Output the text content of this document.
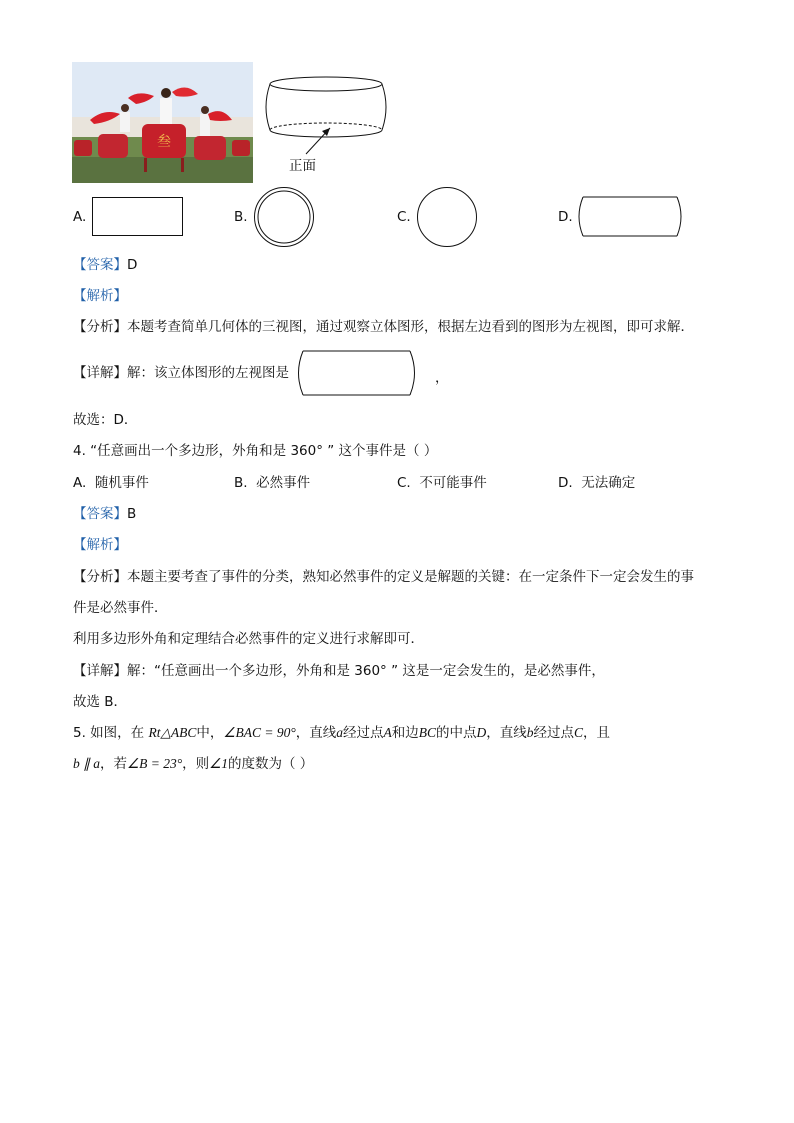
叁
正面
A.	B.	C.	D.
【答案】D
【解析】
【分析】本题考查简单几何体的三视图，通过观察立体图形，根据左边看到的图形为左视图，即可求解．
【详解】解：该立体图形的左视图是	，
故选：D．
4. “任意画出一个多边形，外角和是 360° ” 这个事件是（ ）
A. 随机事件	B. 必然事件	C. 不可能事件	D. 无法确定
【答案】B
【解析】
【分析】本题主要考查了事件的分类，熟知必然事件的定义是解题的关键：在一定条件下一定会发生的事
件是必然事件．
利用多边形外角和定理结合必然事件的定义进行求解即可．
【详解】解：“任意画出一个多边形，外角和是 360° ” 这是一定会发生的，是必然事件，
故选 B．
5. 如图，在 Rt△ABC中，∠BAC = 90°，直线a经过点A和边BC的中点D，直线b经过点C，且
b ∥ a，若∠B = 23°，则∠1的度数为（ ）
